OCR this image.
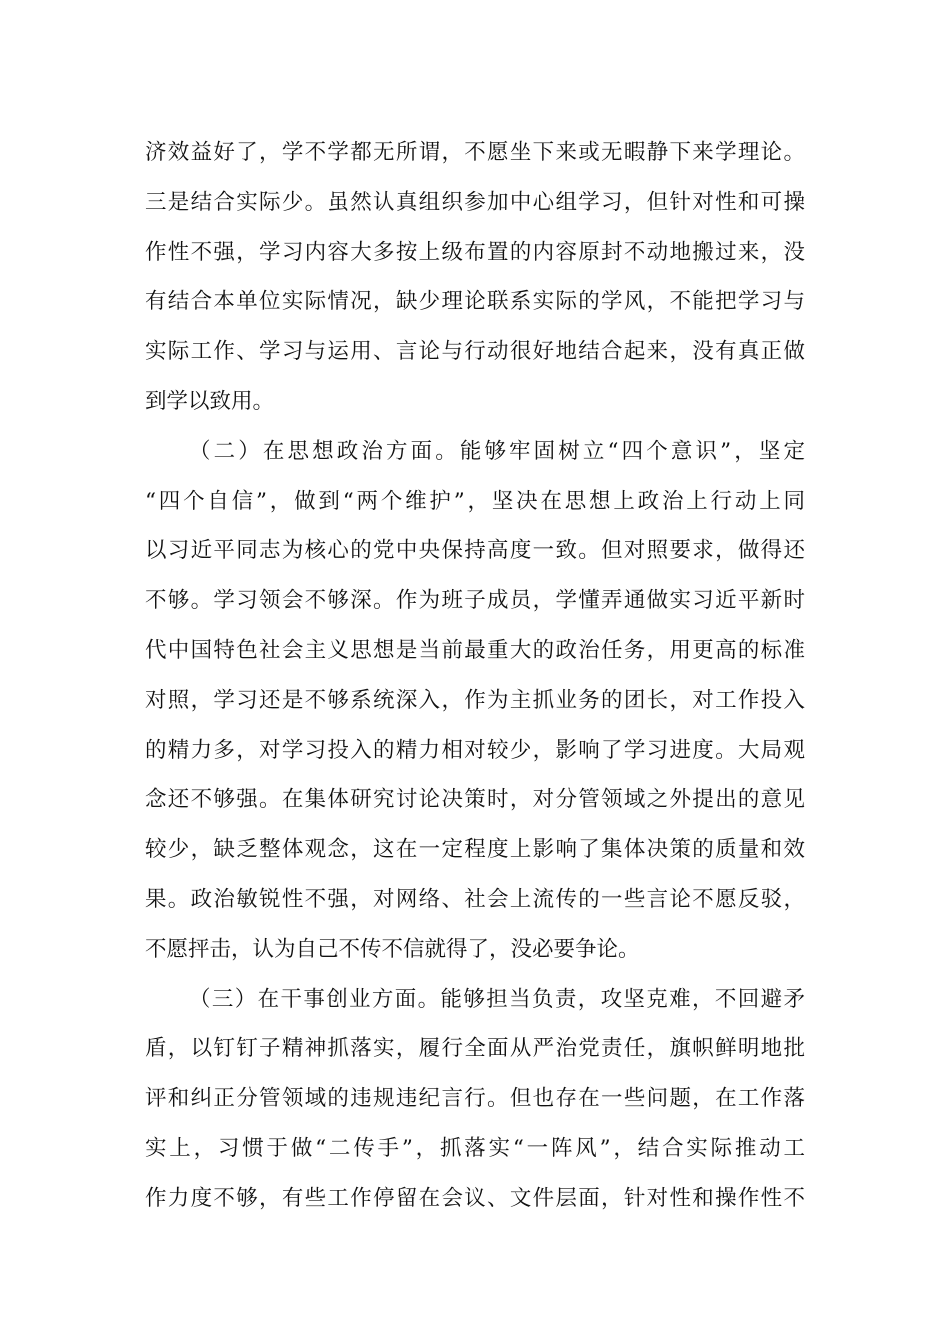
济效益好了，学不学都无所谓，不愿坐下来或无暇静下来学理论。
三是结合实际少。虽然认真组织参加中心组学习，但针对性和可操
作性不强，学习内容大多按上级布置的内容原封不动地搬过来，没
有结合本单位实际情况，缺少理论联系实际的学风，不能把学习与
实际工作、学习与运用、言论与行动很好地结合起来，没有真正做
到学以致用。
（二）在思想政治方面。能够牢固树立“四个意识”，坚定
“四个自信”，做到“两个维护”，坚决在思想上政治上行动上同
以习近平同志为核心的党中央保持高度一致。但对照要求，做得还
不够。学习领会不够深。作为班子成员，学懂弄通做实习近平新时
代中国特色社会主义思想是当前最重大的政治任务，用更高的标准
对照，学习还是不够系统深入，作为主抓业务的团长，对工作投入
的精力多，对学习投入的精力相对较少，影响了学习进度。大局观
念还不够强。在集体研究讨论决策时，对分管领域之外提出的意见
较少，缺乏整体观念，这在一定程度上影响了集体决策的质量和效
果。政治敏锐性不强，对网络、社会上流传的一些言论不愿反驳，
不愿抨击，认为自己不传不信就得了，没必要争论。
（三）在干事创业方面。能够担当负责，攻坚克难，不回避矛
盾，以钉钉子精神抓落实，履行全面从严治党责任，旗帜鲜明地批
评和纠正分管领域的违规违纪言行。但也存在一些问题，在工作落
实上，习惯于做“二传手”，抓落实“一阵风”，结合实际推动工
作力度不够，有些工作停留在会议、文件层面，针对性和操作性不
